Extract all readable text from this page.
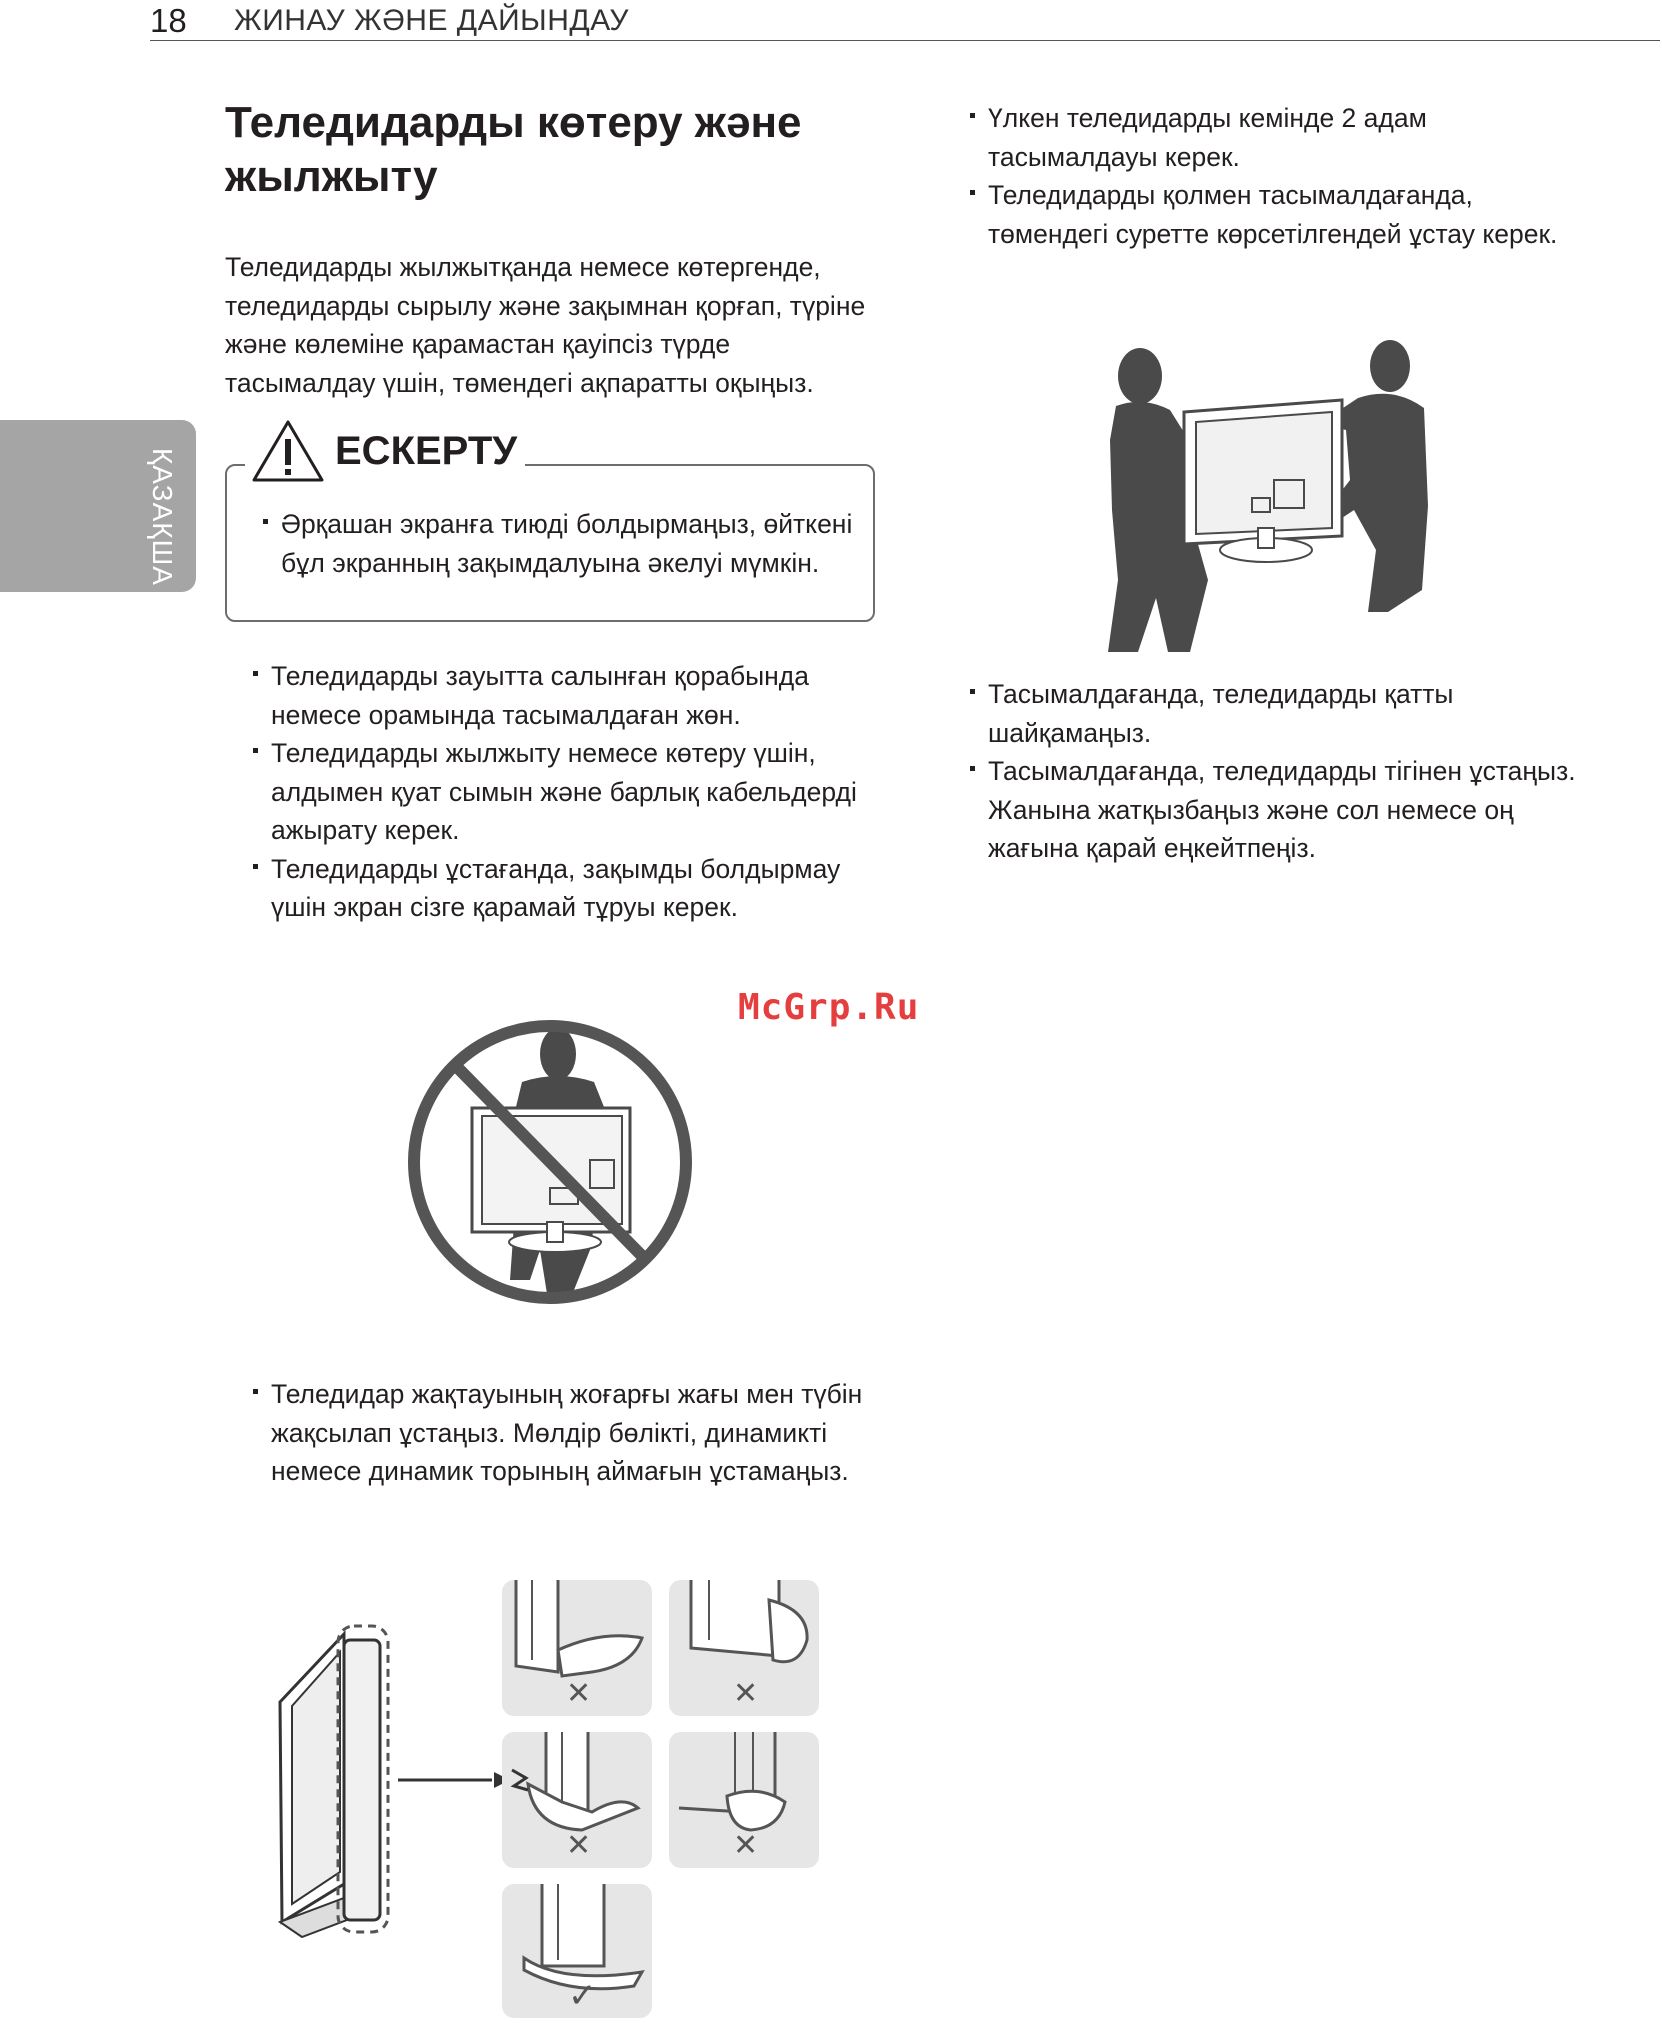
18 ЖИНАУ ЖӘНЕ ДАЙЫНДАУ
ҚАЗАҚША
Теледидарды көтеру және жылжыту
Теледидарды жылжытқанда немесе көтергенде, теледидарды сырылу және зақымнан қорғап, түріне және көлеміне қарамастан қауіпсіз түрде тасымалдау үшін, төмендегі ақпаратты оқыңыз.
ЕСКЕРТУ
Әрқашан экранға тиюді болдырмаңыз, өйткені бұл экранның зақымдалуына әкелуі мүмкін.
Теледидарды зауытта салынған қорабында немесе орамында тасымалдаған жөн.
Теледидарды жылжыту немесе көтеру үшін, алдымен қуат сымын және барлық кабельдерді ажырату керек.
Теледидарды ұстағанда, зақымды болдырмау үшін экран сізге қарамай тұруы керек.
McGrp.Ru
Теледидар жақтауының жоғарғы жағы мен түбін жақсылап ұстаңыз. Мөлдір бөлікті, динамикті немесе динамик торының аймағын ұстамаңыз.
✕	✕
✕	✕
✓
Үлкен теледидарды кемінде 2 адам тасымалдауы керек.
Теледидарды қолмен тасымалдағанда, төмендегі суретте көрсетілгендей ұстау керек.
Тасымалдағанда, теледидарды қатты шайқамаңыз.
Тасымалдағанда, теледидарды тігінен ұстаңыз. Жанына жатқызбаңыз және сол немесе оң жағына қарай еңкейтпеңіз.
